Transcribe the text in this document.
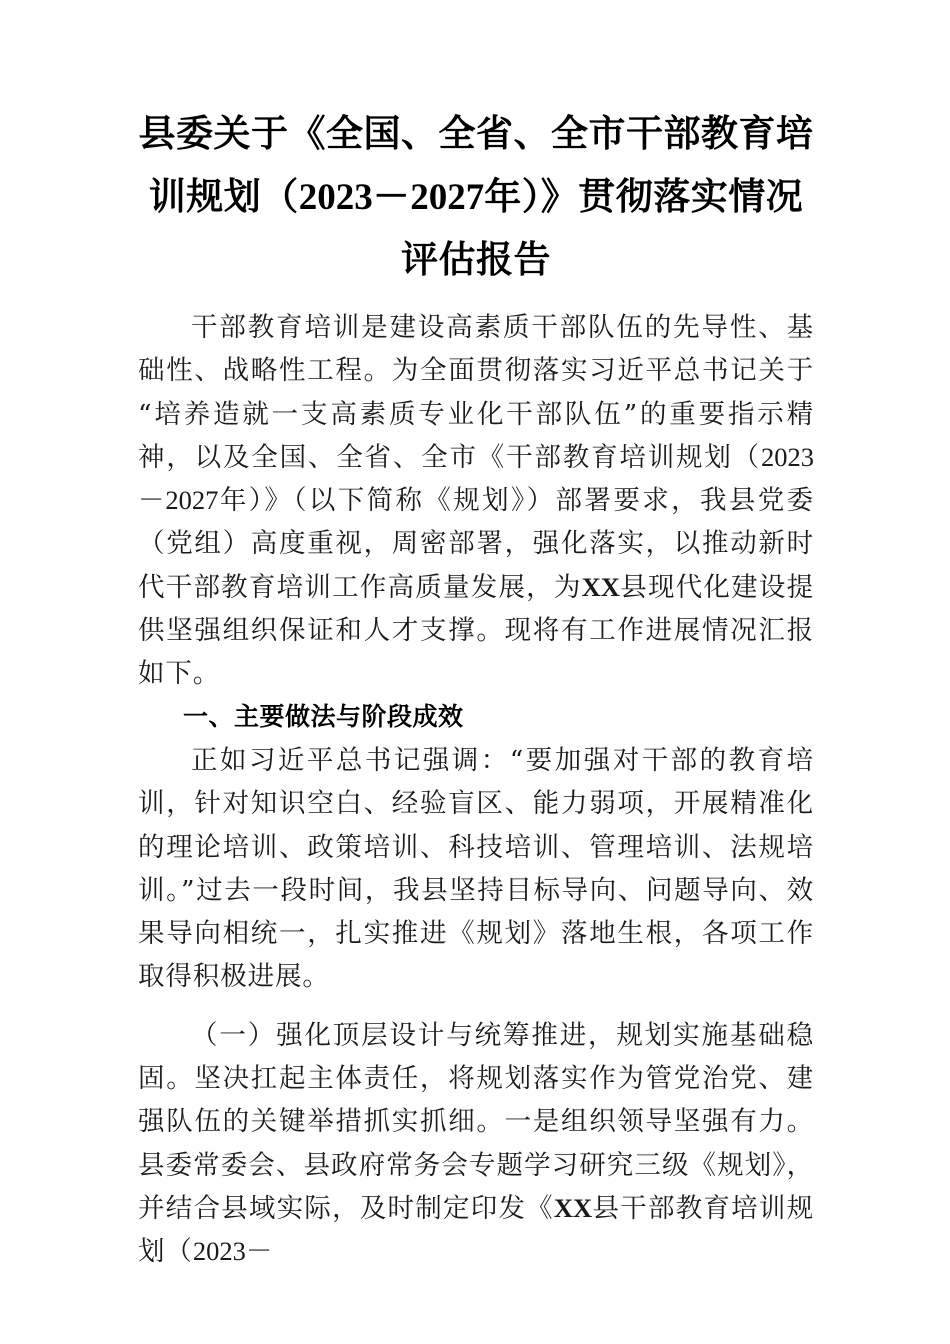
县委关于《全国、全省、全市干部教育培
训规划（2023－2027年）》贯彻落实情况
评估报告

干部教育培训是建设高素质干部队伍的先导性、基础性、战略性工程。为全面贯彻落实习近平总书记关于“培养造就一支高素质专业化干部队伍”的重要指示精神，以及全国、全省、全市《干部教育培训规划（2023－2027年）》（以下简称《规划》）部署要求，我县党委（党组）高度重视，周密部署，强化落实，以推动新时代干部教育培训工作高质量发展，为XX县现代化建设提供坚强组织保证和人才支撑。现将有工作进展情况汇报如下。

一、主要做法与阶段成效

正如习近平总书记强调：“要加强对干部的教育培训，针对知识空白、经验盲区、能力弱项，开展精准化的理论培训、政策培训、科技培训、管理培训、法规培训。”过去一段时间，我县坚持目标导向、问题导向、效果导向相统一，扎实推进《规划》落地生根，各项工作取得积极进展。

（一）强化顶层设计与统筹推进，规划实施基础稳固。坚决扛起主体责任，将规划落实作为管党治党、建强队伍的关键举措抓实抓细。一是组织领导坚强有力。县委常委会、县政府常务会专题学习研究三级《规划》，并结合县域实际，及时制定印发《XX县干部教育培训规划（2023－
